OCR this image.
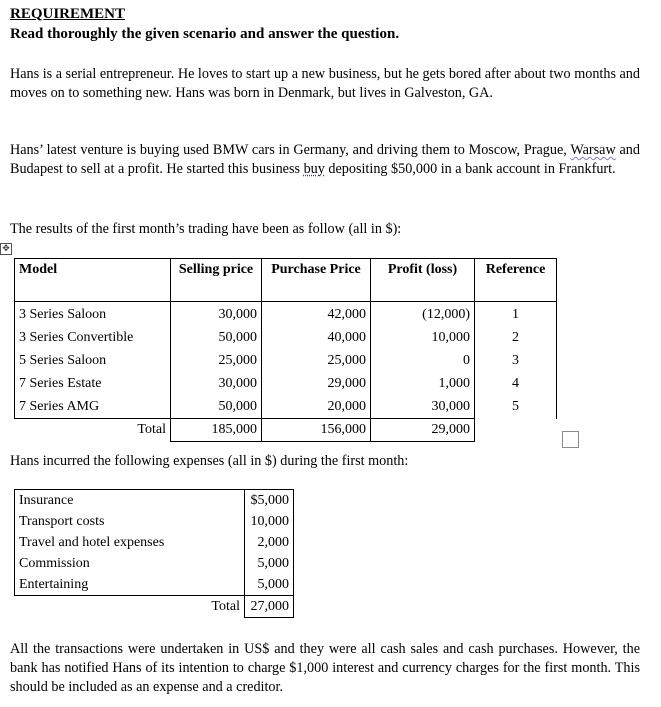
REQUIREMENT
Read thoroughly the given scenario and answer the question.
Hans is a serial entrepreneur. He loves to start up a new business, but he gets bored after about two months and moves on to something new. Hans was born in Denmark, but lives in Galveston, GA.
Hans’ latest venture is buying used BMW cars in Germany, and driving them to Moscow, Prague, Warsaw and Budapest to sell at a profit. He started this business buy depositing $50,000 in a bank account in Frankfurt.
The results of the first month’s trading have been as follow (all in $):
✥
Model	Selling price	Purchase Price	Profit (loss)	Reference
3 Series Saloon	30,000	42,000	(12,000)	1
3 Series Convertible	50,000	40,000	10,000	2
5 Series Saloon	25,000	25,000	0	3
7 Series Estate	30,000	29,000	1,000	4
7 Series AMG	50,000	20,000	30,000	5
Total	185,000	156,000	29,000	
Hans incurred the following expenses (all in $) during the first month:
Insurance	$5,000
Transport costs	10,000
Travel and hotel expenses	2,000
Commission	5,000
Entertaining	5,000
Total	27,000
All the transactions were undertaken in US$ and they were all cash sales and cash purchases. However, the bank has notified Hans of its intention to charge $1,000 interest and currency charges for the first month. This should be included as an expense and a creditor.
